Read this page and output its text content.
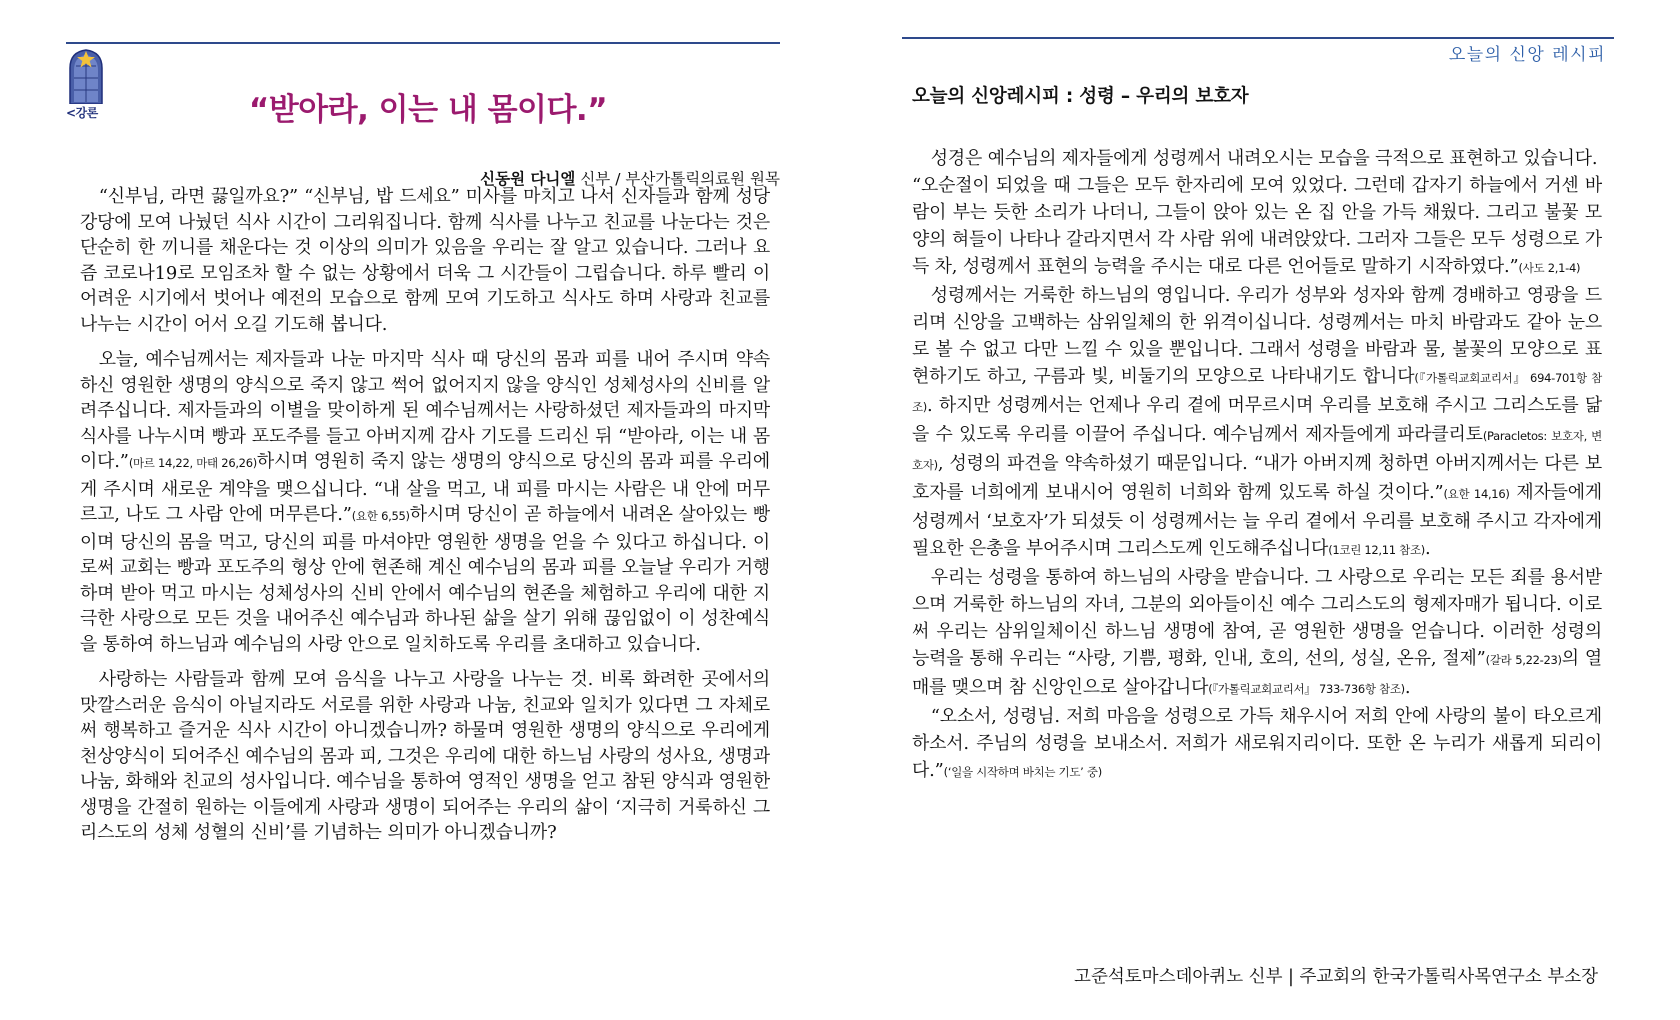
<강론	“받아라, 이는 내 몸이다.”
신동원 다니엘 신부 / 부산가톨릭의료원 원목

“신부님, 라면 끓일까요?” “신부님, 밥 드세요” 미사를 마치고 나서 신자들과 함께 성당 강당에 모여 나눴던 식사 시간이 그리워집니다. 함께 식사를 나누고 친교를 나눈다는 것은 단순히 한 끼니를 채운다는 것 이상의 의미가 있음을 우리는 잘 알고 있습니다. 그러나 요즘 코로나19로 모임조차 할 수 없는 상황에서 더욱 그 시간들이 그립습니다. 하루 빨리 이 어려운 시기에서 벗어나 예전의 모습으로 함께 모여 기도하고 식사도 하며 사랑과 친교를 나누는 시간이 어서 오길 기도해 봅니다.

오늘, 예수님께서는 제자들과 나눈 마지막 식사 때 당신의 몸과 피를 내어 주시며 약속하신 영원한 생명의 양식으로 죽지 않고 썩어 없어지지 않을 양식인 성체성사의 신비를 알려주십니다. 제자들과의 이별을 맞이하게 된 예수님께서는 사랑하셨던 제자들과의 마지막 식사를 나누시며 빵과 포도주를 들고 아버지께 감사 기도를 드리신 뒤 “받아라, 이는 내 몸이다.”(마르 14,22, 마태 26,26)하시며 영원히 죽지 않는 생명의 양식으로 당신의 몸과 피를 우리에게 주시며 새로운 계약을 맺으십니다. “내 살을 먹고, 내 피를 마시는 사람은 내 안에 머무르고, 나도 그 사람 안에 머무른다.”(요한 6,55)하시며 당신이 곧 하늘에서 내려온 살아있는 빵이며 당신의 몸을 먹고, 당신의 피를 마셔야만 영원한 생명을 얻을 수 있다고 하십니다. 이로써 교회는 빵과 포도주의 형상 안에 현존해 계신 예수님의 몸과 피를 오늘날 우리가 거행하며 받아 먹고 마시는 성체성사의 신비 안에서 예수님의 현존을 체험하고 우리에 대한 지극한 사랑으로 모든 것을 내어주신 예수님과 하나된 삶을 살기 위해 끊임없이 이 성찬예식을 통하여 하느님과 예수님의 사랑 안으로 일치하도록 우리를 초대하고 있습니다.

사랑하는 사람들과 함께 모여 음식을 나누고 사랑을 나누는 것. 비록 화려한 곳에서의 맛깔스러운 음식이 아닐지라도 서로를 위한 사랑과 나눔, 친교와 일치가 있다면 그 자체로써 행복하고 즐거운 식사 시간이 아니겠습니까? 하물며 영원한 생명의 양식으로 우리에게 천상양식이 되어주신 예수님의 몸과 피, 그것은 우리에 대한 하느님 사랑의 성사요, 생명과 나눔, 화해와 친교의 성사입니다. 예수님을 통하여 영적인 생명을 얻고 참된 양식과 영원한 생명을 간절히 원하는 이들에게 사랑과 생명이 되어주는 우리의 삶이 ‘지극히 거룩하신 그리스도의 성체 성혈의 신비’를 기념하는 의미가 아니겠습니까?

오늘의 신앙 레시피
오늘의 신앙레시피 : 성령 – 우리의 보호자

성경은 예수님의 제자들에게 성령께서 내려오시는 모습을 극적으로 표현하고 있습니다.

“오순절이 되었을 때 그들은 모두 한자리에 모여 있었다. 그런데 갑자기 하늘에서 거센 바람이 부는 듯한 소리가 나더니, 그들이 앉아 있는 온 집 안을 가득 채웠다. 그리고 불꽃 모양의 혀들이 나타나 갈라지면서 각 사람 위에 내려앉았다. 그러자 그들은 모두 성령으로 가득 차, 성령께서 표현의 능력을 주시는 대로 다른 언어들로 말하기 시작하였다.”(사도 2,1-4)

성령께서는 거룩한 하느님의 영입니다. 우리가 성부와 성자와 함께 경배하고 영광을 드리며 신앙을 고백하는 삼위일체의 한 위격이십니다. 성령께서는 마치 바람과도 같아 눈으로 볼 수 없고 다만 느낄 수 있을 뿐입니다. 그래서 성령을 바람과 물, 불꽃의 모양으로 표현하기도 하고, 구름과 빛, 비둘기의 모양으로 나타내기도 합니다(『가톨릭교회교리서』 694-701항 참조). 하지만 성령께서는 언제나 우리 곁에 머무르시며 우리를 보호해 주시고 그리스도를 닮을 수 있도록 우리를 이끌어 주십니다. 예수님께서 제자들에게 파라클리토(Paracletos: 보호자, 변호자), 성령의 파견을 약속하셨기 때문입니다. “내가 아버지께 청하면 아버지께서는 다른 보호자를 너희에게 보내시어 영원히 너희와 함께 있도록 하실 것이다.”(요한 14,16) 제자들에게 성령께서 ‘보호자’가 되셨듯 이 성령께서는 늘 우리 곁에서 우리를 보호해 주시고 각자에게 필요한 은총을 부어주시며 그리스도께 인도해주십니다(1코린 12,11 참조).

우리는 성령을 통하여 하느님의 사랑을 받습니다. 그 사랑으로 우리는 모든 죄를 용서받으며 거룩한 하느님의 자녀, 그분의 외아들이신 예수 그리스도의 형제자매가 됩니다. 이로써 우리는 삼위일체이신 하느님 생명에 참여, 곧 영원한 생명을 얻습니다. 이러한 성령의 능력을 통해 우리는 “사랑, 기쁨, 평화, 인내, 호의, 선의, 성실, 온유, 절제”(갈라 5,22-23)의 열매를 맺으며 참 신앙인으로 살아갑니다(『가톨릭교회교리서』 733-736항 참조).

“오소서, 성령님. 저희 마음을 성령으로 가득 채우시어 저희 안에 사랑의 불이 타오르게 하소서. 주님의 성령을 보내소서. 저희가 새로워지리이다. 또한 온 누리가 새롭게 되리이다.”(‘일을 시작하며 바치는 기도’ 중)

고준석토마스데아퀴노 신부 | 주교회의 한국가톨릭사목연구소 부소장
